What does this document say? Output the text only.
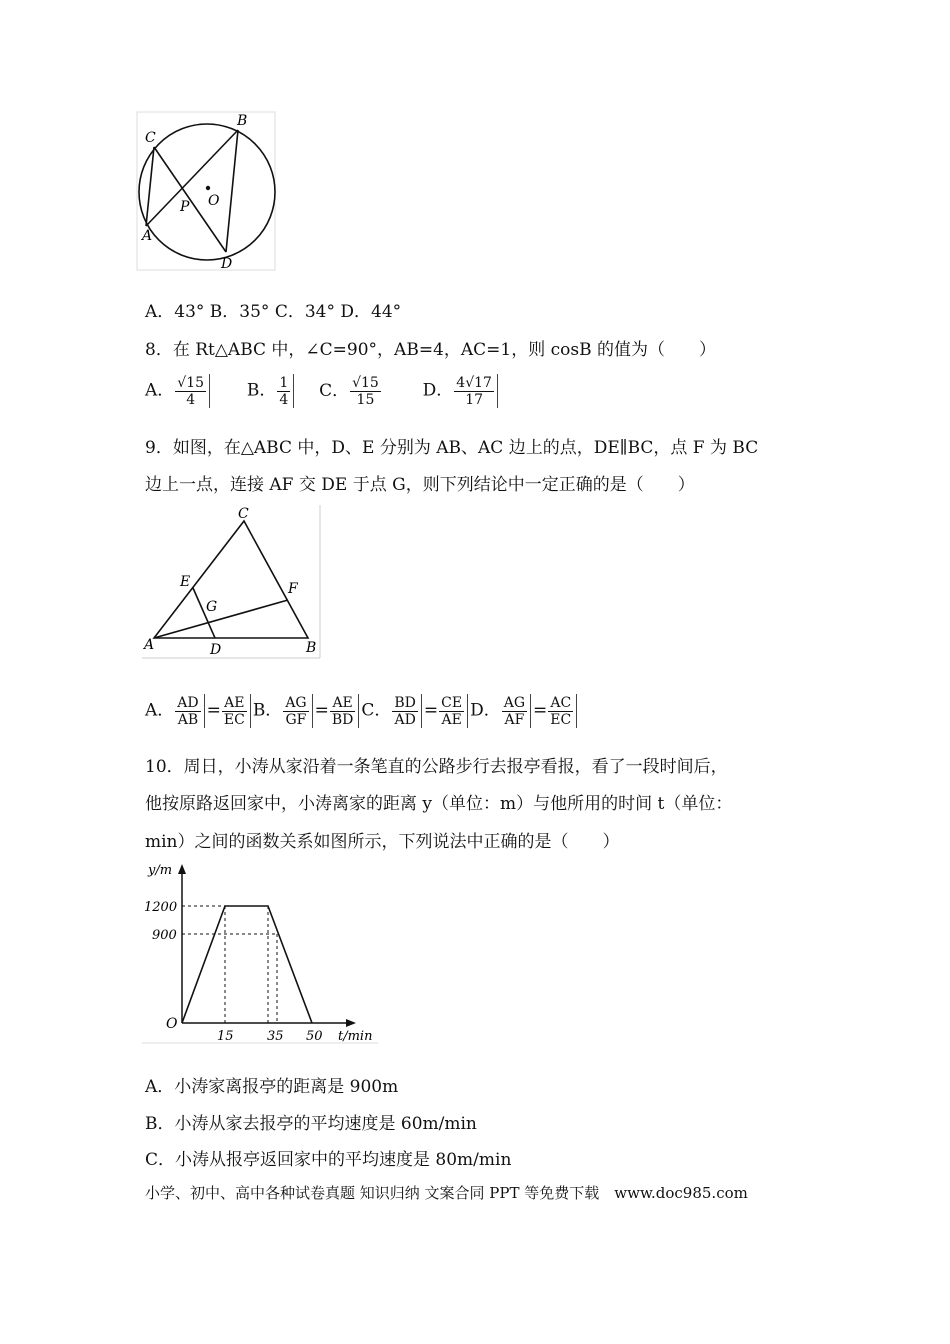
C
B
P O
A
D
A．43° B．35° C．34° D．44°
8．在 Rt△ABC 中，∠C=90°，AB=4，AC=1，则 cosB 的值为（　　）
A． $\frac{√15}{4}$ B． $\frac{1}{4}$ C． $\frac{√15}{15}$ D． $\frac{4√17}{17}$
9．如图，在△ABC 中，D、E 分别为 AB、AC 边上的点，DE∥BC，点 F 为 BC
边上一点，连接 AF 交 DE 于点 G，则下列结论中一定正确的是（　　）
C
E	F
G
A	D	B
A． $\frac{AD}{AB} = \frac{AE}{EC}$ B． $\frac{AG}{GF} = \frac{AE}{BD}$ C． $\frac{BD}{AD} = \frac{CE}{AE}$ D． $\frac{AG}{AF} = \frac{AC}{EC}$
10．周日，小涛从家沿着一条笔直的公路步行去报亭看报，看了一段时间后，
他按原路返回家中，小涛离家的距离 y（单位：m）与他所用的时间 t（单位：
min）之间的函数关系如图所示，下列说法中正确的是（　　）
y/m
t/min
O
1200
900
15	35 50
A．小涛家离报亭的距离是 900m
B．小涛从家去报亭的平均速度是 60m/min
C．小涛从报亭返回家中的平均速度是 80m/min
小学、初中、高中各种试卷真题 知识归纳 文案合同 PPT 等免费下载　www.doc985.com
